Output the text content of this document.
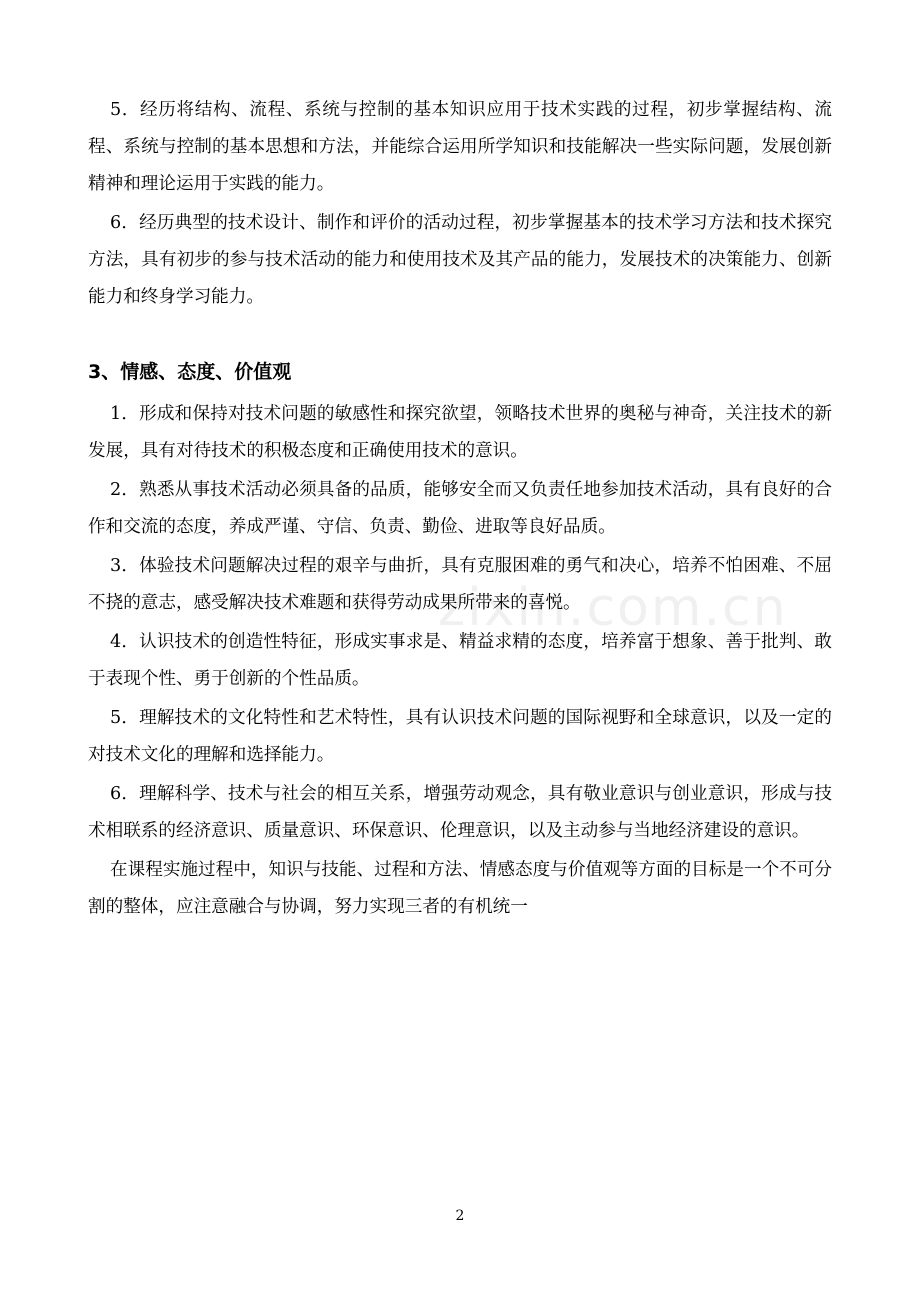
zixin.com.cn

5．经历将结构、流程、系统与控制的基本知识应用于技术实践的过程，初步掌握结构、流程、系统与控制的基本思想和方法，并能综合运用所学知识和技能解决一些实际问题，发展创新精神和理论运用于实践的能力。

6．经历典型的技术设计、制作和评价的活动过程，初步掌握基本的技术学习方法和技术探究方法，具有初步的参与技术活动的能力和使用技术及其产品的能力，发展技术的决策能力、创新能力和终身学习能力。

3、情感、态度、价值观

1．形成和保持对技术问题的敏感性和探究欲望，领略技术世界的奥秘与神奇，关注技术的新发展，具有对待技术的积极态度和正确使用技术的意识。

2．熟悉从事技术活动必须具备的品质，能够安全而又负责任地参加技术活动，具有良好的合作和交流的态度，养成严谨、守信、负责、勤俭、进取等良好品质。

3．体验技术问题解决过程的艰辛与曲折，具有克服困难的勇气和决心，培养不怕困难、不屈不挠的意志，感受解决技术难题和获得劳动成果所带来的喜悦。

4．认识技术的创造性特征，形成实事求是、精益求精的态度，培养富于想象、善于批判、敢于表现个性、勇于创新的个性品质。

5．理解技术的文化特性和艺术特性，具有认识技术问题的国际视野和全球意识，以及一定的对技术文化的理解和选择能力。

6．理解科学、技术与社会的相互关系，增强劳动观念，具有敬业意识与创业意识，形成与技术相联系的经济意识、质量意识、环保意识、伦理意识，以及主动参与当地经济建设的意识。

在课程实施过程中，知识与技能、过程和方法、情感态度与价值观等方面的目标是一个不可分割的整体，应注意融合与协调，努力实现三者的有机统一

2
